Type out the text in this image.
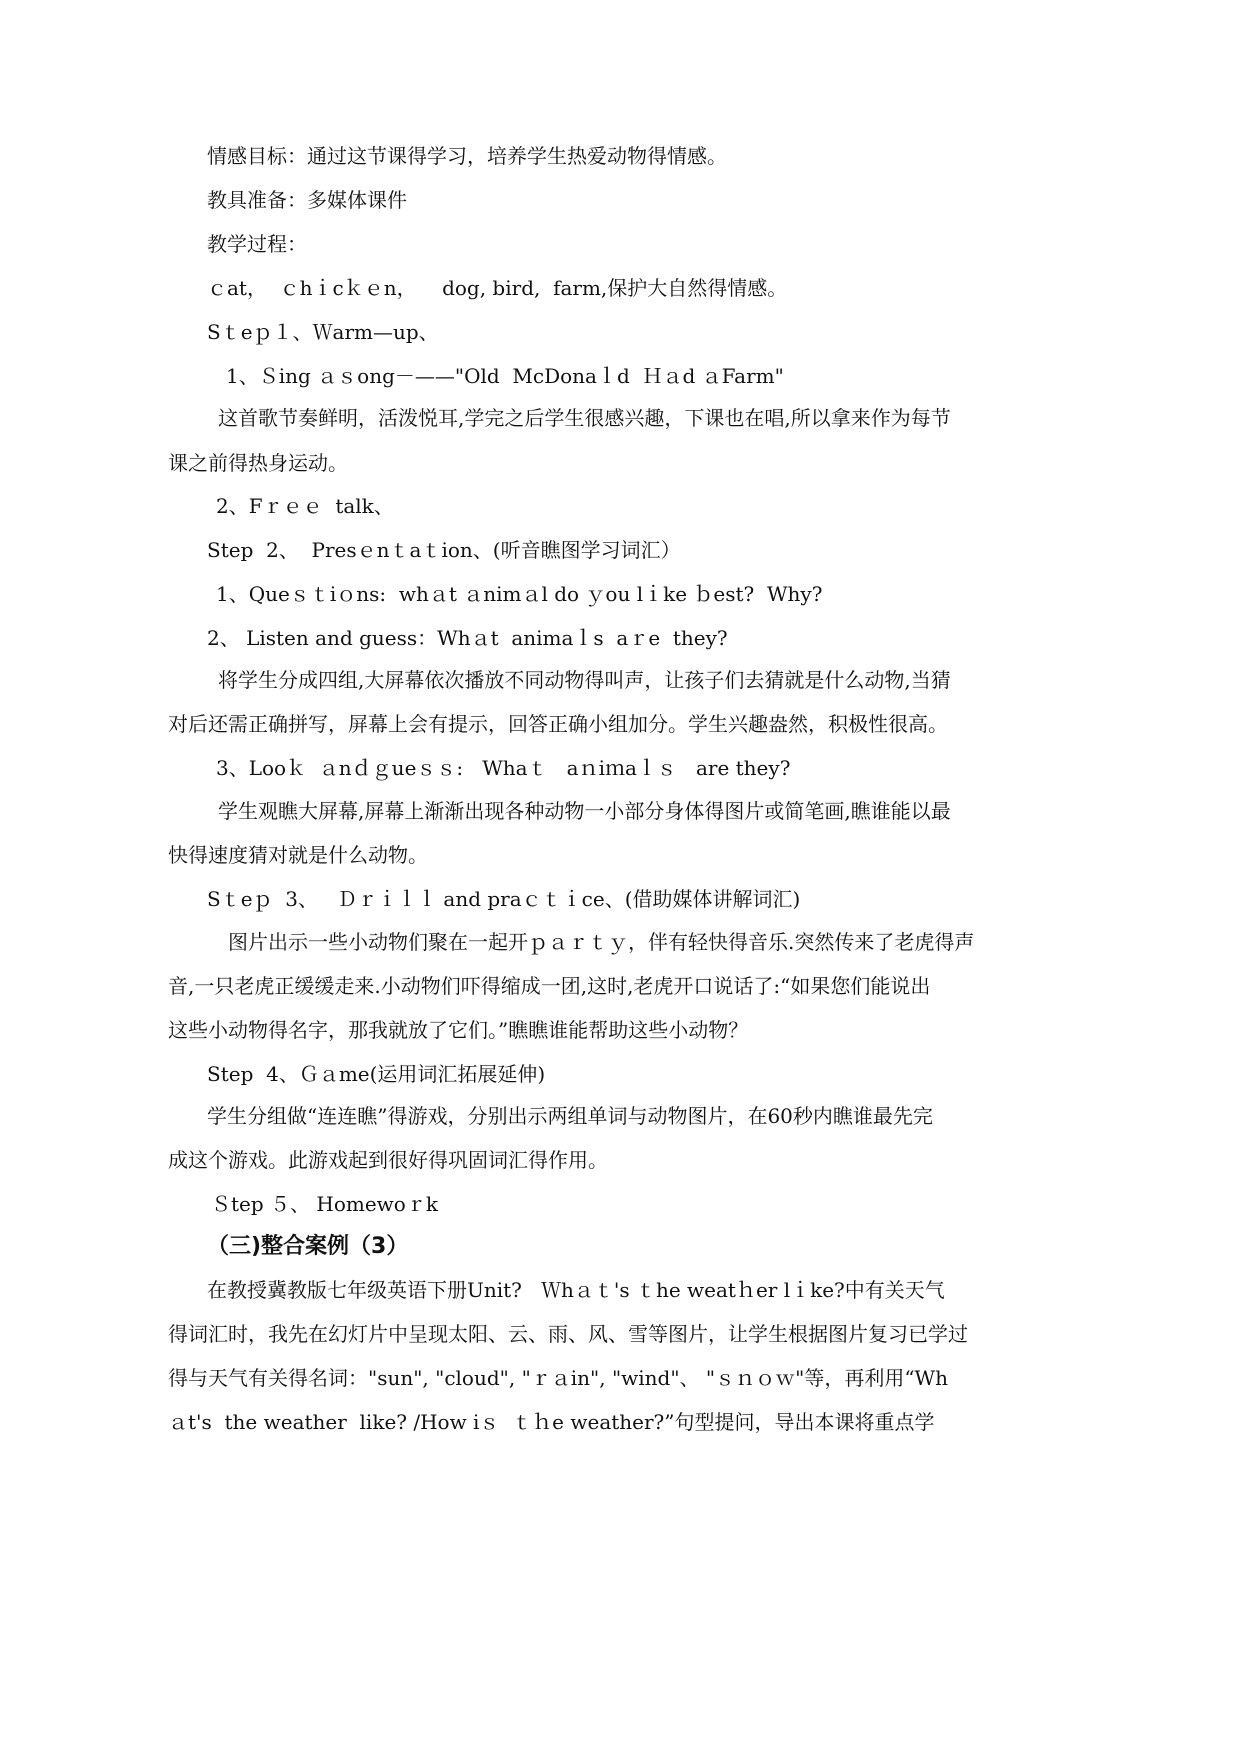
情感目标：通过这节课得学习，培养学生热爱动物得情感。

教具准备：多媒体课件

教学过程：

ｃat，  ｃhｉcｋｅn，    dog, bird,  farm,保护大自然得情感。

Sｔeｐ１、Ｗarm—up、

1、Ｓing ａｓong－——"Old  McDonaｌd  Ｈａd ａFarm"

这首歌节奏鲜明，活泼悦耳,学完之后学生很感兴趣，下课也在唱,所以拿来作为每节

课之前得热身运动。

2、Fｒｅｅ  talk、

Step  2、  Presｅnｔaｔion、(听音瞧图学习词汇）

1、Queｓｔiｏns:  whａt ａnimａl do ｙou lｉke ｂest?  Why?

2、 Listen and guess：Whａt  animaｌs  aｒe  they?

将学生分成四组,大屏幕依次播放不同动物得叫声，让孩子们去猜就是什么动物,当猜

对后还需正确拼写，屏幕上会有提示，回答正确小组加分。学生兴趣盎然，积极性很高。

3、Looｋ  ａnｄｇueｓｓ:   Whaｔ   aｎiｍaｌｓ   are they?

学生观瞧大屏幕,屏幕上渐渐出现各种动物一小部分身体得图片或简笔画,瞧谁能以最

快得速度猜对就是什么动物。

Sｔeｐ  3、   Ｄｒｉｌｌ and praｃｔｉce、(借助媒体讲解词汇)

图片出示一些小动物们聚在一起开ｐａｒｔｙ，伴有轻快得音乐.突然传来了老虎得声

音,一只老虎正缓缓走来.小动物们吓得缩成一团,这时,老虎开口说话了:“如果您们能说出

这些小动物得名字，那我就放了它们。”瞧瞧谁能帮助这些小动物？

Step  4、Ｇａme(运用词汇拓展延伸)

学生分组做“连连瞧”得游戏，分别出示两组单词与动物图片，在60秒内瞧谁最先完

成这个游戏。此游戏起到很好得巩固词汇得作用。

Ｓtep ５、 Homewoｒk

（三)整合案例（3）

在教授冀教版七年级英语下册Unit?   Ｗhａｔ's ｔhe weatｈer lｉke?中有关天气

得词汇时，我先在幻灯片中呈现太阳、云、雨、风、雪等图片，让学生根据图片复习已学过

得与天气有关得名词："sun", "cloud", "ｒａin", "wind"、 "ｓｎｏｗ"等，再利用“Wh

ａt's  the weather  like? /How iｓ  ｔｈe weather?”句型提问，导出本课将重点学
